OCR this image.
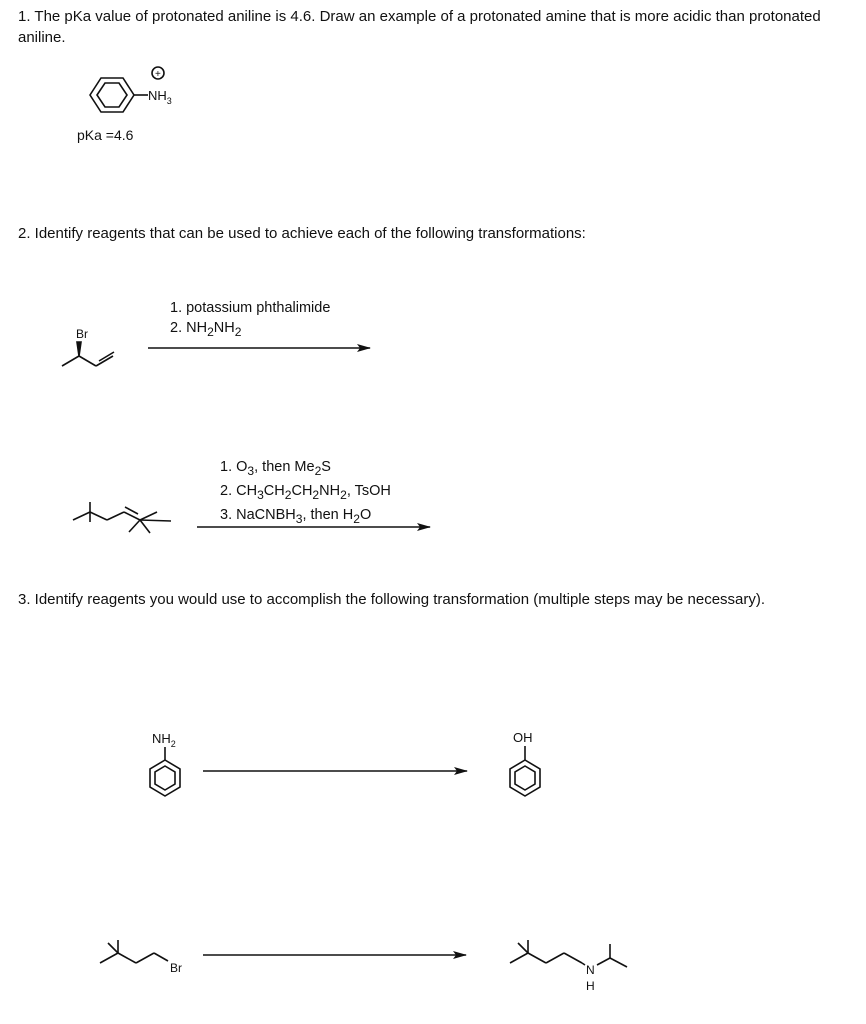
1. The pKa value of protonated aniline is 4.6. Draw an example of a protonated amine that is more acidic than protonated aniline.
2. Identify reagents that can be used to achieve each of the following transformations:
3. Identify reagents you would use to accomplish the following transformation (multiple steps may be necessary).
pKa =4.6
1. potassium phthalimide
2. $NH_2NH_2$
1. $O_3$, then $Me_2S$
2. $CH_3CH_2CH_2NH_2$, TsOH
3. NaCNBH$_3$, then $H_2O$
+
$NH_3$
Br
$NH_2$	OH
Br	N
H
